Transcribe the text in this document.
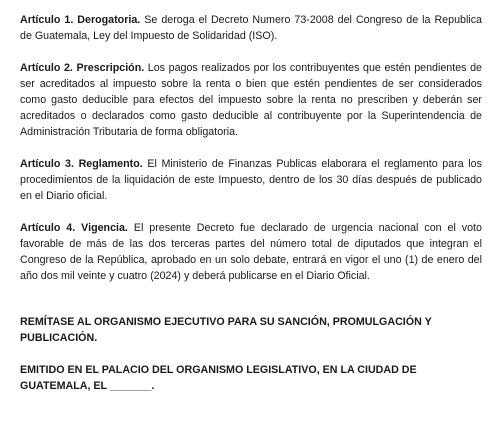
Artículo 1. Derogatoria. Se deroga el Decreto Numero 73-2008 del Congreso de la Republica de Guatemala, Ley del Impuesto de Solidaridad (ISO).

Artículo 2. Prescripción. Los pagos realizados por los contribuyentes que estén pendientes de ser acreditados al impuesto sobre la renta o bien que estén pendientes de ser considerados como gasto deducible para efectos del impuesto sobre la renta no prescriben y deberán ser acreditados o declarados como gasto deducible al contribuyente por la Superintendencia de Administración Tributaria de forma obligatoria.

Artículo 3. Reglamento. El Ministerio de Finanzas Publicas elaborara el reglamento para los procedimientos de la liquidación de este Impuesto, dentro de los 30 días después de publicado en el Diario oficial.

Artículo 4. Vigencia. El presente Decreto fue declarado de urgencia nacional con el voto favorable de más de las dos terceras partes del número total de diputados que integran el Congreso de la República, aprobado en un solo debate, entrará en vigor el uno (1) de enero del año dos mil veinte y cuatro (2024) y deberá publicarse en el Diario Oficial.

REMÍTASE AL ORGANISMO EJECUTIVO PARA SU SANCIÓN, PROMULGACIÓN Y PUBLICACIÓN.

EMITIDO EN EL PALACIO DEL ORGANISMO LEGISLATIVO, EN LA CIUDAD DE GUATEMALA, EL _______.
